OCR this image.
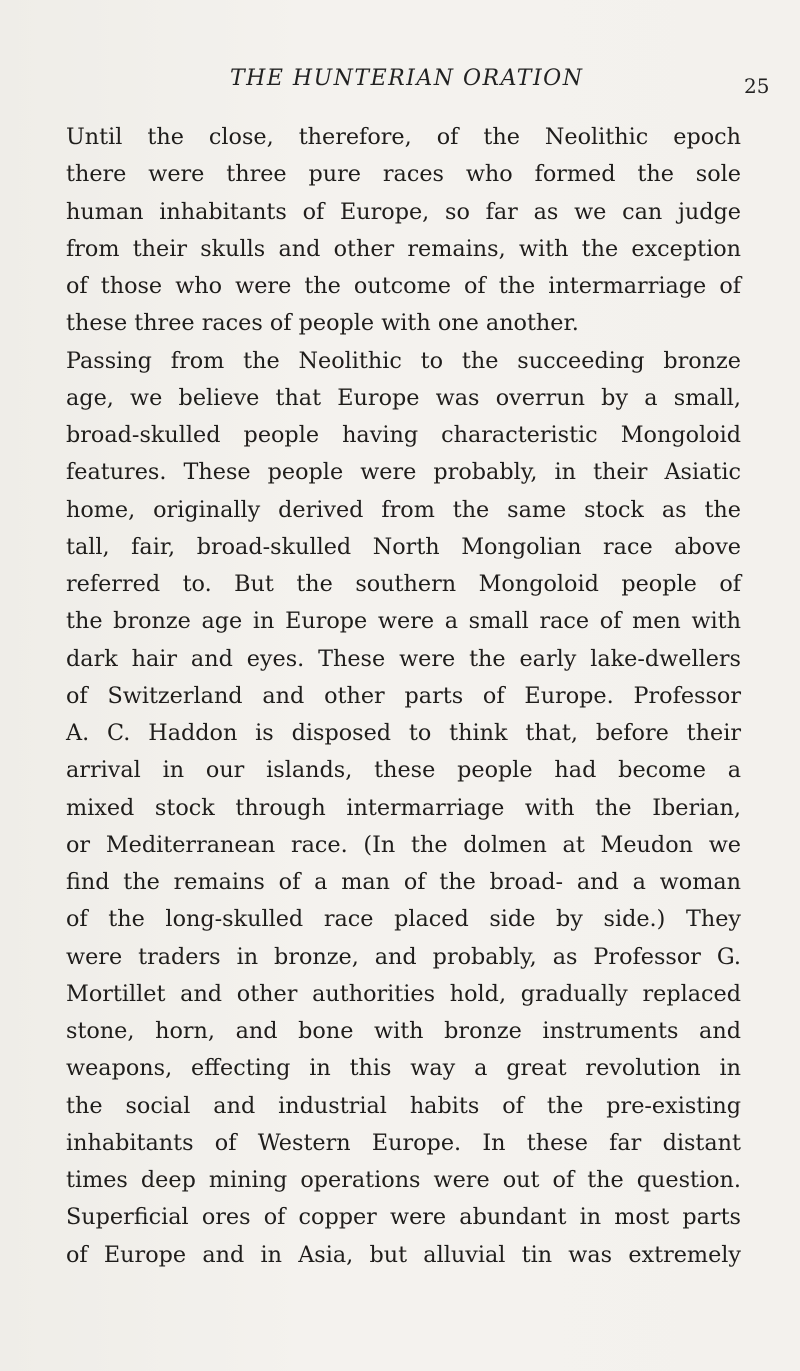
THE HUNTERIAN ORATION	25
Until the close, therefore, of the Neolithic epoch
there were three pure races who formed the sole
human inhabitants of Europe, so far as we can judge
from their skulls and other remains, with the exception
of those who were the outcome of the intermarriage of
these three races of people with one another.
Passing from the Neolithic to the succeeding bronze
age, we believe that Europe was overrun by a small,
broad-skulled people having characteristic Mongoloid
features. These people were probably, in their Asiatic
home, originally derived from the same stock as the
tall, fair, broad-skulled North Mongolian race above
referred to. But the southern Mongoloid people of
the bronze age in Europe were a small race of men with
dark hair and eyes. These were the early lake-dwellers
of Switzerland and other parts of Europe. Professor
A. C. Haddon is disposed to think that, before their
arrival in our islands, these people had become a
mixed stock through intermarriage with the Iberian,
or Mediterranean race. (In the dolmen at Meudon we
find the remains of a man of the broad- and a woman
of the long-skulled race placed side by side.) They
were traders in bronze, and probably, as Professor G.
Mortillet and other authorities hold, gradually replaced
stone, horn, and bone with bronze instruments and
weapons, effecting in this way a great revolution in
the social and industrial habits of the pre-existing
inhabitants of Western Europe. In these far distant
times deep mining operations were out of the question.
Superficial ores of copper were abundant in most parts
of Europe and in Asia, but alluvial tin was extremely
